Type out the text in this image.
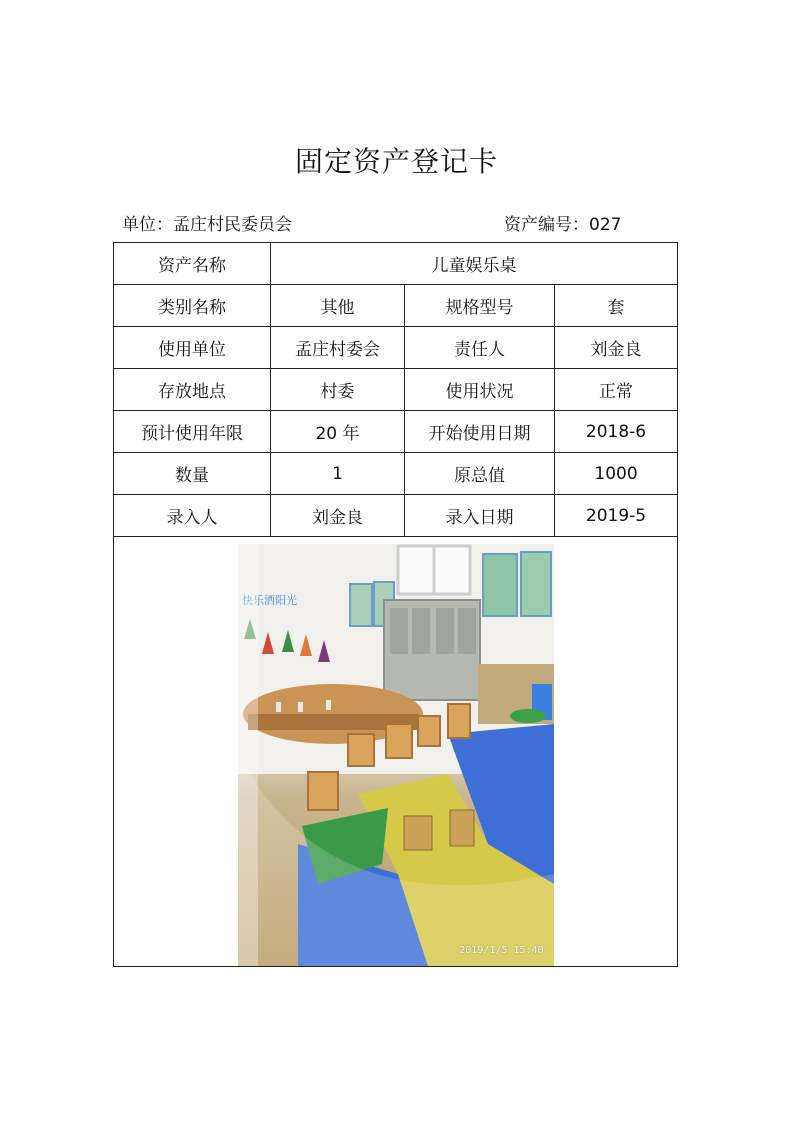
固定资产登记卡
单位：孟庄村民委员会	资产编号：027
资产名称	儿童娱乐桌		
类别名称	其他	规格型号	套
使用单位	孟庄村委会	责任人	刘金良
存放地点	村委	使用状况	正常
预计使用年限	20 年	开始使用日期	2018-6
数量	1	原总值	1000
录入人	刘金良	录入日期	2019-5

快乐洒阳光
2019/1/5 15:40			
